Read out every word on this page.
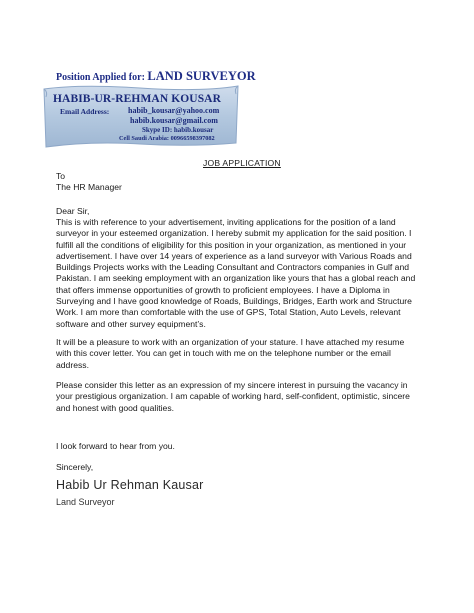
Position Applied for: LAND SURVEYOR
HABIB-UR-REHMAN KOUSAR
Email Address: habib_kousar@yahoo.com
habib.kousar@gmail.com
Skype ID: habib.kousar
Cell Saudi Arabia: 00966598397082
JOB APPLICATION
To
The HR Manager
Dear Sir,
This is with reference to your advertisement, inviting applications for the position of a land
surveyor in your esteemed organization. I hereby submit my application for the said position. I
fulfill all the conditions of eligibility for this position in your organization, as mentioned in your
advertisement. I have over 14 years of experience as a land surveyor with Various Roads and
Buildings Projects works with the Leading Consultant and Contractors companies in Gulf and
Pakistan. I am seeking employment with an organization like yours that has a global reach and
that offers immense opportunities of growth to proficient employees. I have a Diploma in
Surveying and I have good knowledge of Roads, Buildings, Bridges, Earth work and Structure
Work. I am more than comfortable with the use of GPS, Total Station, Auto Levels, relevant
software and other survey equipment’s.
It will be a pleasure to work with an organization of your stature. I have attached my resume
with this cover letter. You can get in touch with me on the telephone number or the email
address.
Please consider this letter as an expression of my sincere interest in pursuing the vacancy in
your prestigious organization. I am capable of working hard, self-confident, optimistic, sincere
and honest with good qualities.
I look forward to hear from you.
Sincerely,
Habib Ur Rehman Kausar
Land Surveyor
